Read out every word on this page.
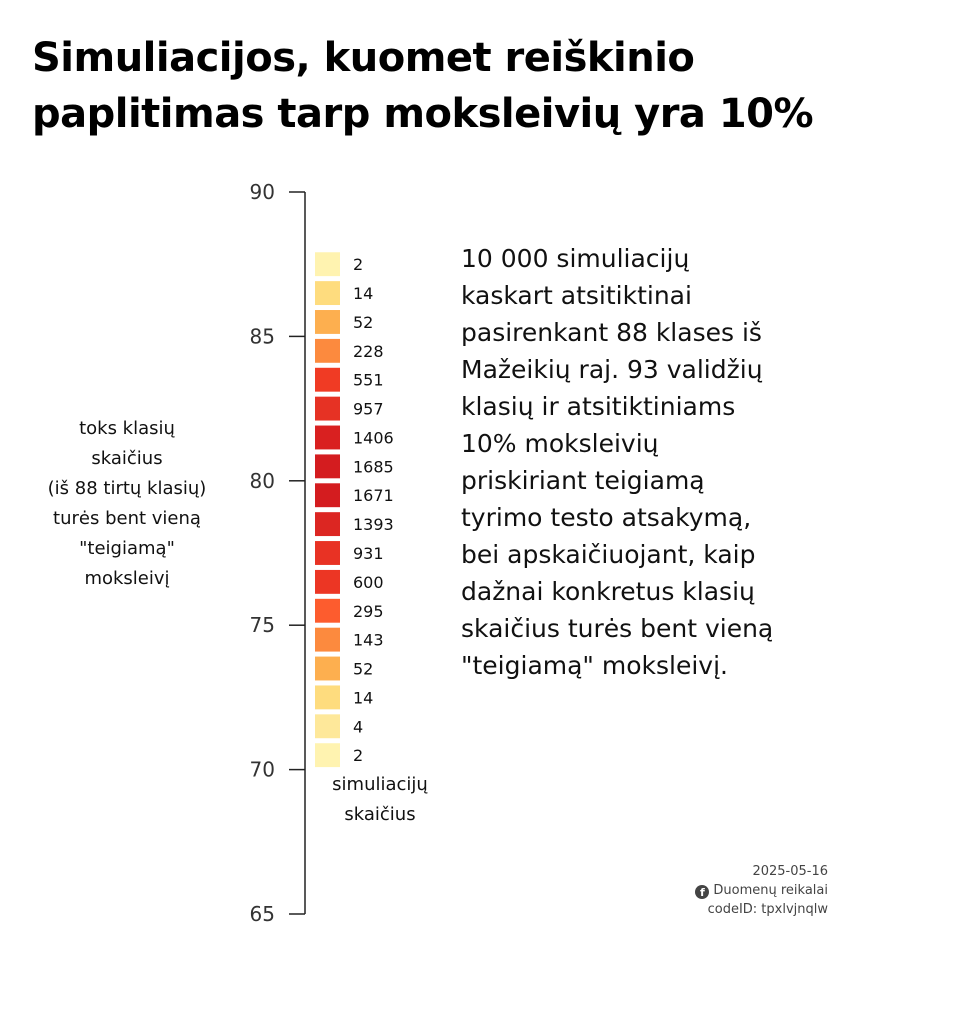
Simuliacijos, kuomet reiškinio paplitimas tarp moksleivių yra 10%
65
70
75
80
85
90
2
14
52
228
551
957
1406
1685
1671
1393
931
600
295
143
52
14
4
2
toks klasių
skaičius
(iš 88 tirtų klasių)
turės bent vieną
"teigiamą"
moksleivį
simuliacijų
skaičius
10 000 simuliacijų
kaskart atsitiktinai
pasirenkant 88 klases iš
Mažeikių raj. 93 validžių
klasių ir atsitiktiniams
10% moksleivių
priskiriant teigiamą
tyrimo testo atsakymą,
bei apskaičiuojant, kaip
dažnai konkretus klasių
skaičius turės bent vieną
"teigiamą" moksleivį.
2025-05-16
f Duomenų reikalai
codeID: tpxlvjnqlw
